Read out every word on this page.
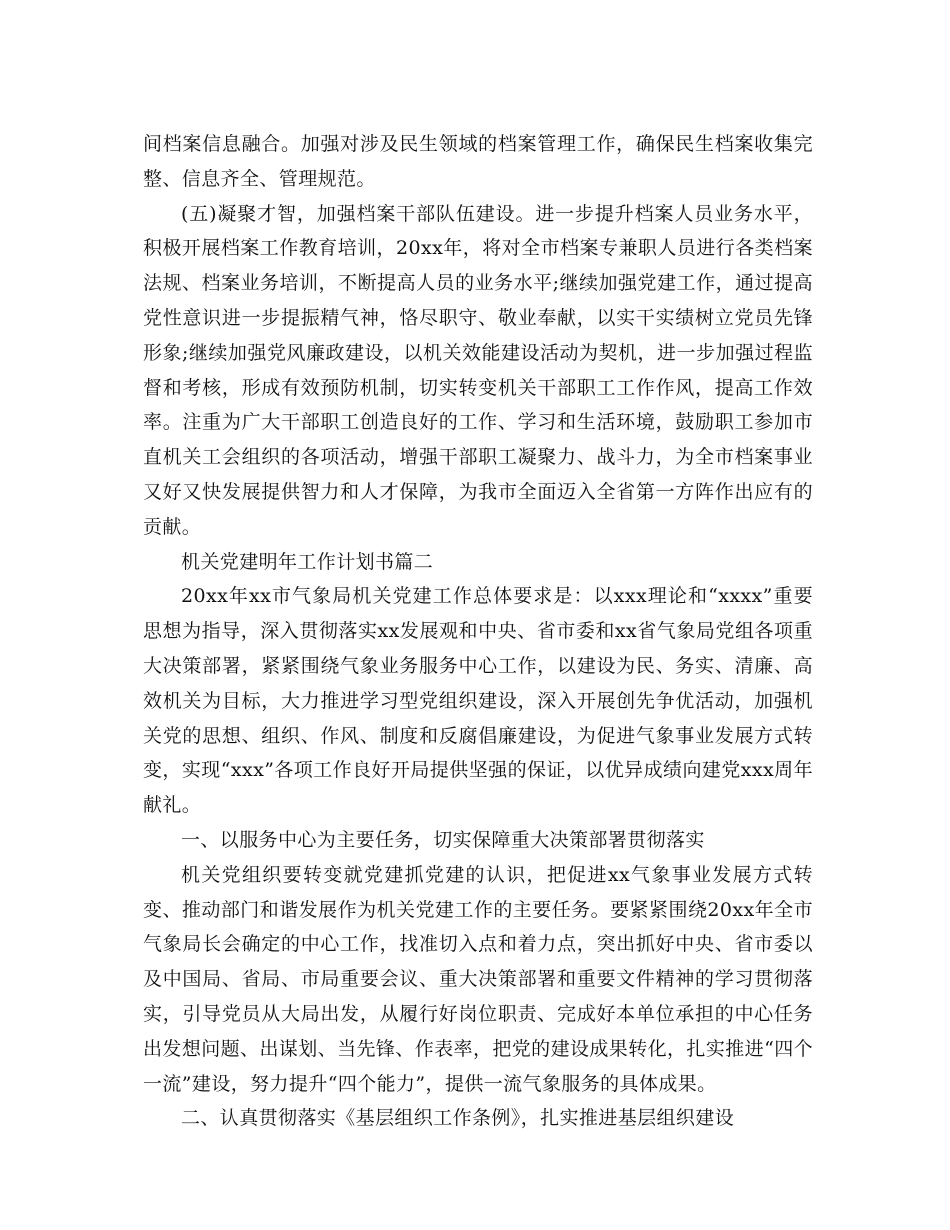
间档案信息融合。加强对涉及民生领域的档案管理工作，确保民生档案收集完整、信息齐全、管理规范。

(五)凝聚才智，加强档案干部队伍建设。进一步提升档案人员业务水平，积极开展档案工作教育培训，20xx年，将对全市档案专兼职人员进行各类档案法规、档案业务培训，不断提高人员的业务水平;继续加强党建工作，通过提高党性意识进一步提振精气神，恪尽职守、敬业奉献，以实干实绩树立党员先锋形象;继续加强党风廉政建设，以机关效能建设活动为契机，进一步加强过程监督和考核，形成有效预防机制，切实转变机关干部职工工作作风，提高工作效率。注重为广大干部职工创造良好的工作、学习和生活环境，鼓励职工参加市直机关工会组织的各项活动，增强干部职工凝聚力、战斗力，为全市档案事业又好又快发展提供智力和人才保障，为我市全面迈入全省第一方阵作出应有的贡献。

机关党建明年工作计划书篇二

20xx年xx市气象局机关党建工作总体要求是：以xxx理论和“xxxx”重要思想为指导，深入贯彻落实xx发展观和中央、省市委和xx省气象局党组各项重大决策部署，紧紧围绕气象业务服务中心工作，以建设为民、务实、清廉、高效机关为目标，大力推进学习型党组织建设，深入开展创先争优活动，加强机关党的思想、组织、作风、制度和反腐倡廉建设，为促进气象事业发展方式转变，实现“xxx”各项工作良好开局提供坚强的保证，以优异成绩向建党xxx周年献礼。

一、以服务中心为主要任务，切实保障重大决策部署贯彻落实

机关党组织要转变就党建抓党建的认识，把促进xx气象事业发展方式转变、推动部门和谐发展作为机关党建工作的主要任务。要紧紧围绕20xx年全市气象局长会确定的中心工作，找准切入点和着力点，突出抓好中央、省市委以及中国局、省局、市局重要会议、重大决策部署和重要文件精神的学习贯彻落实，引导党员从大局出发，从履行好岗位职责、完成好本单位承担的中心任务出发想问题、出谋划、当先锋、作表率，把党的建设成果转化，扎实推进“四个一流”建设，努力提升“四个能力”，提供一流气象服务的具体成果。

二、认真贯彻落实《基层组织工作条例》，扎实推进基层组织建设
